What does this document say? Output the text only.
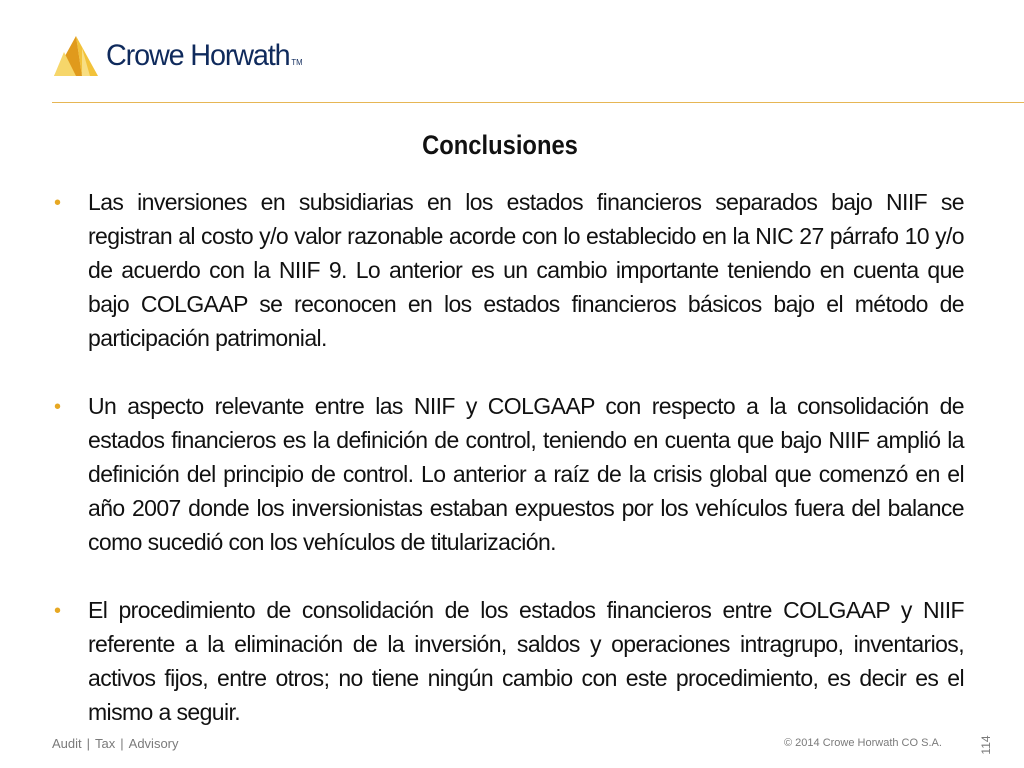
Crowe Horwath TM
Conclusiones
• Las inversiones en subsidiarias en los estados financieros separados bajo NIIF se registran al costo y/o valor razonable acorde con lo establecido en la NIC 27 párrafo 10 y/o de acuerdo con la NIIF 9. Lo anterior es un cambio importante teniendo en cuenta que bajo COLGAAP se reconocen en los estados financieros básicos bajo el método de participación patrimonial.
• Un aspecto relevante entre las NIIF y COLGAAP con respecto a la consolidación de estados financieros es la definición de control, teniendo en cuenta que bajo NIIF amplió la definición del principio de control. Lo anterior a raíz de la crisis global que comenzó en el año 2007 donde los inversionistas estaban expuestos por los vehículos fuera del balance como sucedió con los vehículos de titularización.
• El procedimiento de consolidación de los estados financieros entre COLGAAP y NIIF referente a la eliminación de la inversión, saldos y operaciones intragrupo, inventarios, activos fijos, entre otros; no tiene ningún cambio con este procedimiento, es decir es el mismo a seguir.
Audit | Tax | Advisory	© 2014 Crowe Horwath CO S.A.	114
